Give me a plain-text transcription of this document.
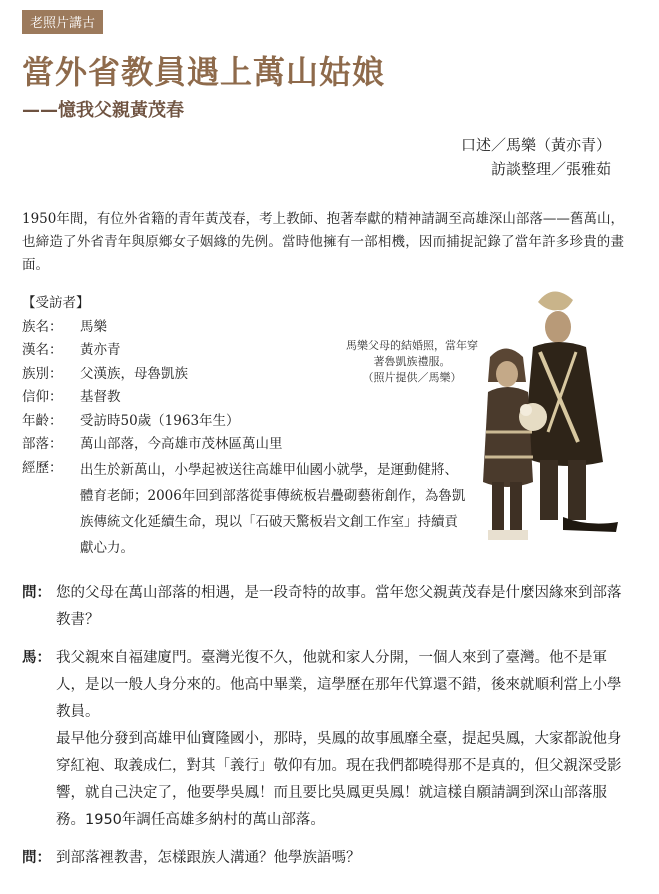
老照片講古
當外省教員遇上萬山姑娘
——憶我父親黃茂春
口述／馬樂（黃亦青）
訪談整理／張雅茹
1950年間，有位外省籍的青年黃茂春，考上教師、抱著奉獻的精神請調至高雄深山部落——舊萬山，也締造了外省青年與原鄉女子姻緣的先例。當時他擁有一部相機，因而捕捉記錄了當年許多珍貴的畫面。
【受訪者】
族名：	馬樂
漢名：	黃亦青
族別：	父漢族，母魯凱族
信仰：	基督教
年齡：	受訪時50歲（1963年生）
部落：	萬山部落，今高雄市茂林區萬山里
經歷：	出生於新萬山，小學起被送往高雄甲仙國小就學，是運動健將、體育老師；2006年回到部落從事傳統板岩疊砌藝術創作，為魯凱族傳統文化延續生命，現以「石破天驚板岩文創工作室」持續貢獻心力。
馬樂父母的結婚照，當年穿著魯凱族禮服。
（照片提供／馬樂）
問： 您的父母在萬山部落的相遇，是一段奇特的故事。當年您父親黃茂春是什麼因緣來到部落教書？

馬： 我父親來自福建廈門。臺灣光復不久，他就和家人分開，一個人來到了臺灣。他不是軍人，是以一般人身分來的。他高中畢業，這學歷在那年代算還不錯，後來就順利當上小學教員。

最早他分發到高雄甲仙寶隆國小，那時，吳鳳的故事風靡全臺，提起吳鳳，大家都說他身穿紅袍、取義成仁，對其「義行」敬仰有加。現在我們都曉得那不是真的，但父親深受影響，就自己決定了，他要學吳鳳！而且要比吳鳳更吳鳳！就這樣自願請調到深山部落服務。1950年調任高雄多納村的萬山部落。

問： 到部落裡教書，怎樣跟族人溝通？他學族語嗎？
